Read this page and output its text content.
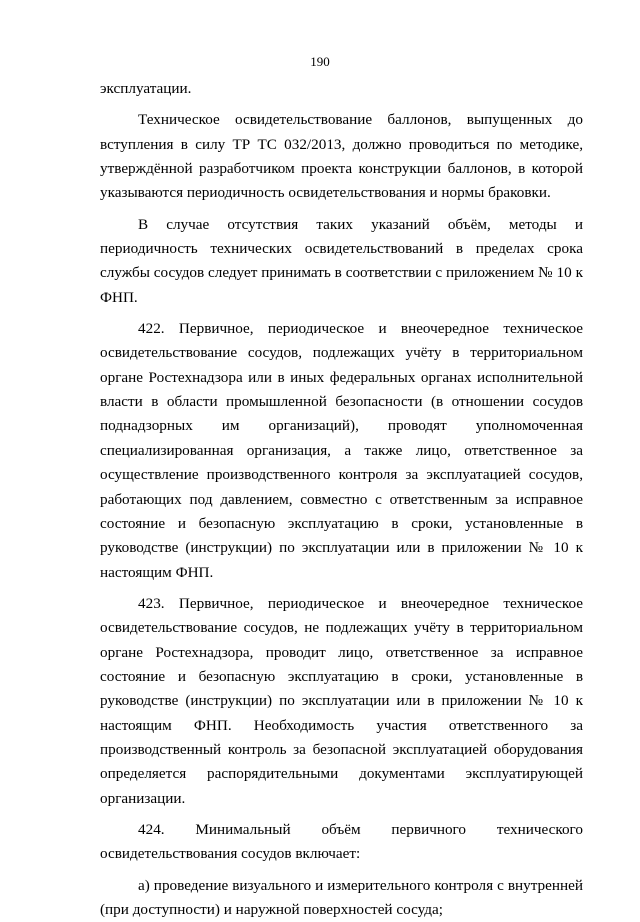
190

эксплуатации.

Техническое освидетельствование баллонов, выпущенных до вступления в силу ТР ТС 032/2013, должно проводиться по методике, утверждённой разработчиком проекта конструкции баллонов, в которой указываются периодичность освидетельствования и нормы браковки.

В случае отсутствия таких указаний объём, методы и периодичность технических освидетельствований в пределах срока службы сосудов следует принимать в соответствии с приложением № 10 к ФНП.

422. Первичное, периодическое и внеочередное техническое освидетельствование сосудов, подлежащих учёту в территориальном органе Ростехнадзора или в иных федеральных органах исполнительной власти в области промышленной безопасности (в отношении сосудов поднадзорных им организаций), проводят уполномоченная специализированная организация, а также лицо, ответственное за осуществление производственного контроля за эксплуатацией сосудов, работающих под давлением, совместно с ответственным за исправное состояние и безопасную эксплуатацию в сроки, установленные в руководстве (инструкции) по эксплуатации или в приложении № 10 к настоящим ФНП.

423. Первичное, периодическое и внеочередное техническое освидетельствование сосудов, не подлежащих учёту в территориальном органе Ростехнадзора, проводит лицо, ответственное за исправное состояние и безопасную эксплуатацию в сроки, установленные в руководстве (инструкции) по эксплуатации или в приложении № 10 к настоящим ФНП. Необходимость участия ответственного за производственный контроль за безопасной эксплуатацией оборудования определяется распорядительными документами эксплуатирующей организации.

424. Минимальный объём первичного технического освидетельствования сосудов включает:

а) проведение визуального и измерительного контроля с внутренней (при доступности) и наружной поверхностей сосуда;
